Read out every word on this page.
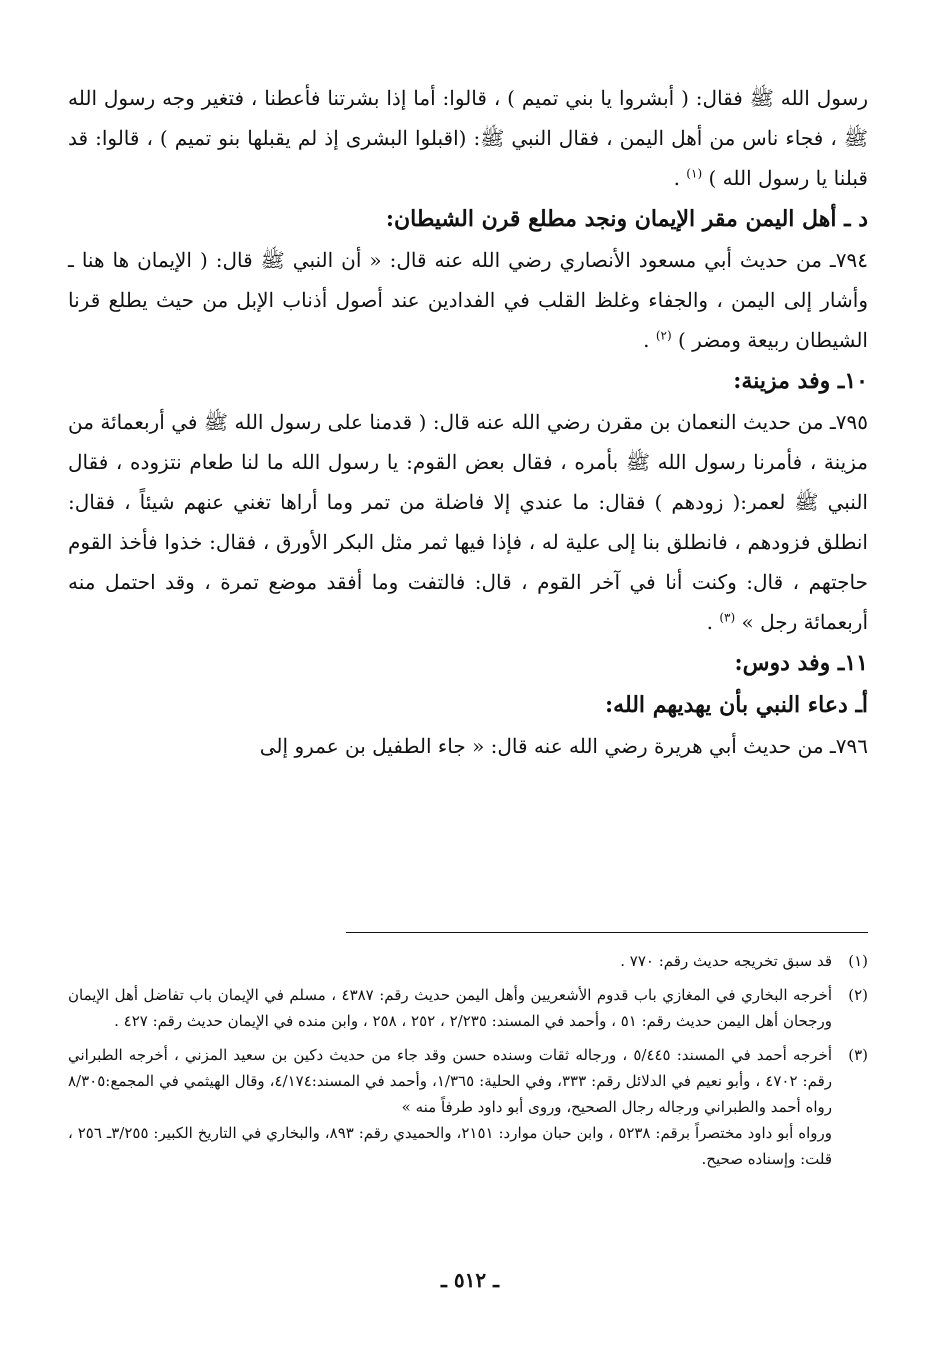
رسول الله ﷺ فقال: ( أبشروا يا بني تميم ) ، قالوا: أما إذا بشرتنا فأعطنا ، فتغير وجه رسول الله ﷺ ، فجاء ناس من أهل اليمن ، فقال النبي ﷺ: (اقبلوا البشرى إذ لم يقبلها بنو تميم ) ، قالوا: قد قبلنا يا رسول الله ) $^{(١)}$ .

د ـ أهل اليمن مقر الإيمان ونجد مطلع قرن الشيطان:

٧٩٤ـ من حديث أبي مسعود الأنصاري رضي الله عنه قال: « أن النبي ﷺ قال: ( الإيمان ها هنا ـ وأشار إلى اليمن ، والجفاء وغلظ القلب في الفدادين عند أصول أذناب الإبل من حيث يطلع قرنا الشيطان ربيعة ومضر ) $^{(٢)}$ .

١٠ـ وفد مزينة:

٧٩٥ـ من حديث النعمان بن مقرن رضي الله عنه قال: ( قدمنا على رسول الله ﷺ في أربعمائة من مزينة ، فأمرنا رسول الله ﷺ بأمره ، فقال بعض القوم: يا رسول الله ما لنا طعام نتزوده ، فقال النبي ﷺ لعمر:( زودهم ) فقال: ما عندي إلا فاضلة من تمر وما أراها تغني عنهم شيئاً ، فقال: انطلق فزودهم ، فانطلق بنا إلى علية له ، فإذا فيها ثمر مثل البكر الأورق ، فقال: خذوا فأخذ القوم حاجتهم ، قال: وكنت أنا في آخر القوم ، قال: فالتفت وما أفقد موضع تمرة ، وقد احتمل منه أربعمائة رجل » $^{(٣)}$ .

١١ـ وفد دوس:

أـ دعاء النبي بأن يهديهم الله:

٧٩٦ـ من حديث أبي هريرة رضي الله عنه قال: « جاء الطفيل بن عمرو إلى

(١)

قد سبق تخريجه حديث رقم: ٧٧٠ .

(٢)

أخرجه البخاري في المغازي باب قدوم الأشعريين وأهل اليمن حديث رقم: ٤٣٨٧ ، مسلم في الإيمان باب تفاضل أهل الإيمان ورجحان أهل اليمن حديث رقم: ٥١ ، وأحمد في المسند: ٢/٢٣٥ ، ٢٥٢ ، ٢٥٨ ، وابن منده في الإيمان حديث رقم: ٤٢٧ .

(٣)

أخرجه أحمد في المسند: ٥/٤٤٥ ، ورجاله ثقات وسنده حسن وقد جاء من حديث دكين بن سعيد المزني ، أخرجه الطبراني رقم: ٤٧٠٢ ، وأبو نعيم في الدلائل رقم: ٣٣٣، وفي الحلية: ١/٣٦٥، وأحمد في المسند:٤/١٧٤، وقال الهيثمي في المجمع:٨/٣٠٥ رواه أحمد والطبراني ورجاله رجال الصحيح، وروى أبو داود طرفاً منه »

ورواه أبو داود مختصراً برقم: ٥٢٣٨ ، وابن حبان موارد: ٢١٥١، والحميدي رقم: ٨٩٣، والبخاري في التاريخ الكبير: ٣/٢٥٥ـ ٢٥٦ ، قلت: وإسناده صحيح.

ـ ٥١٢ ـ
